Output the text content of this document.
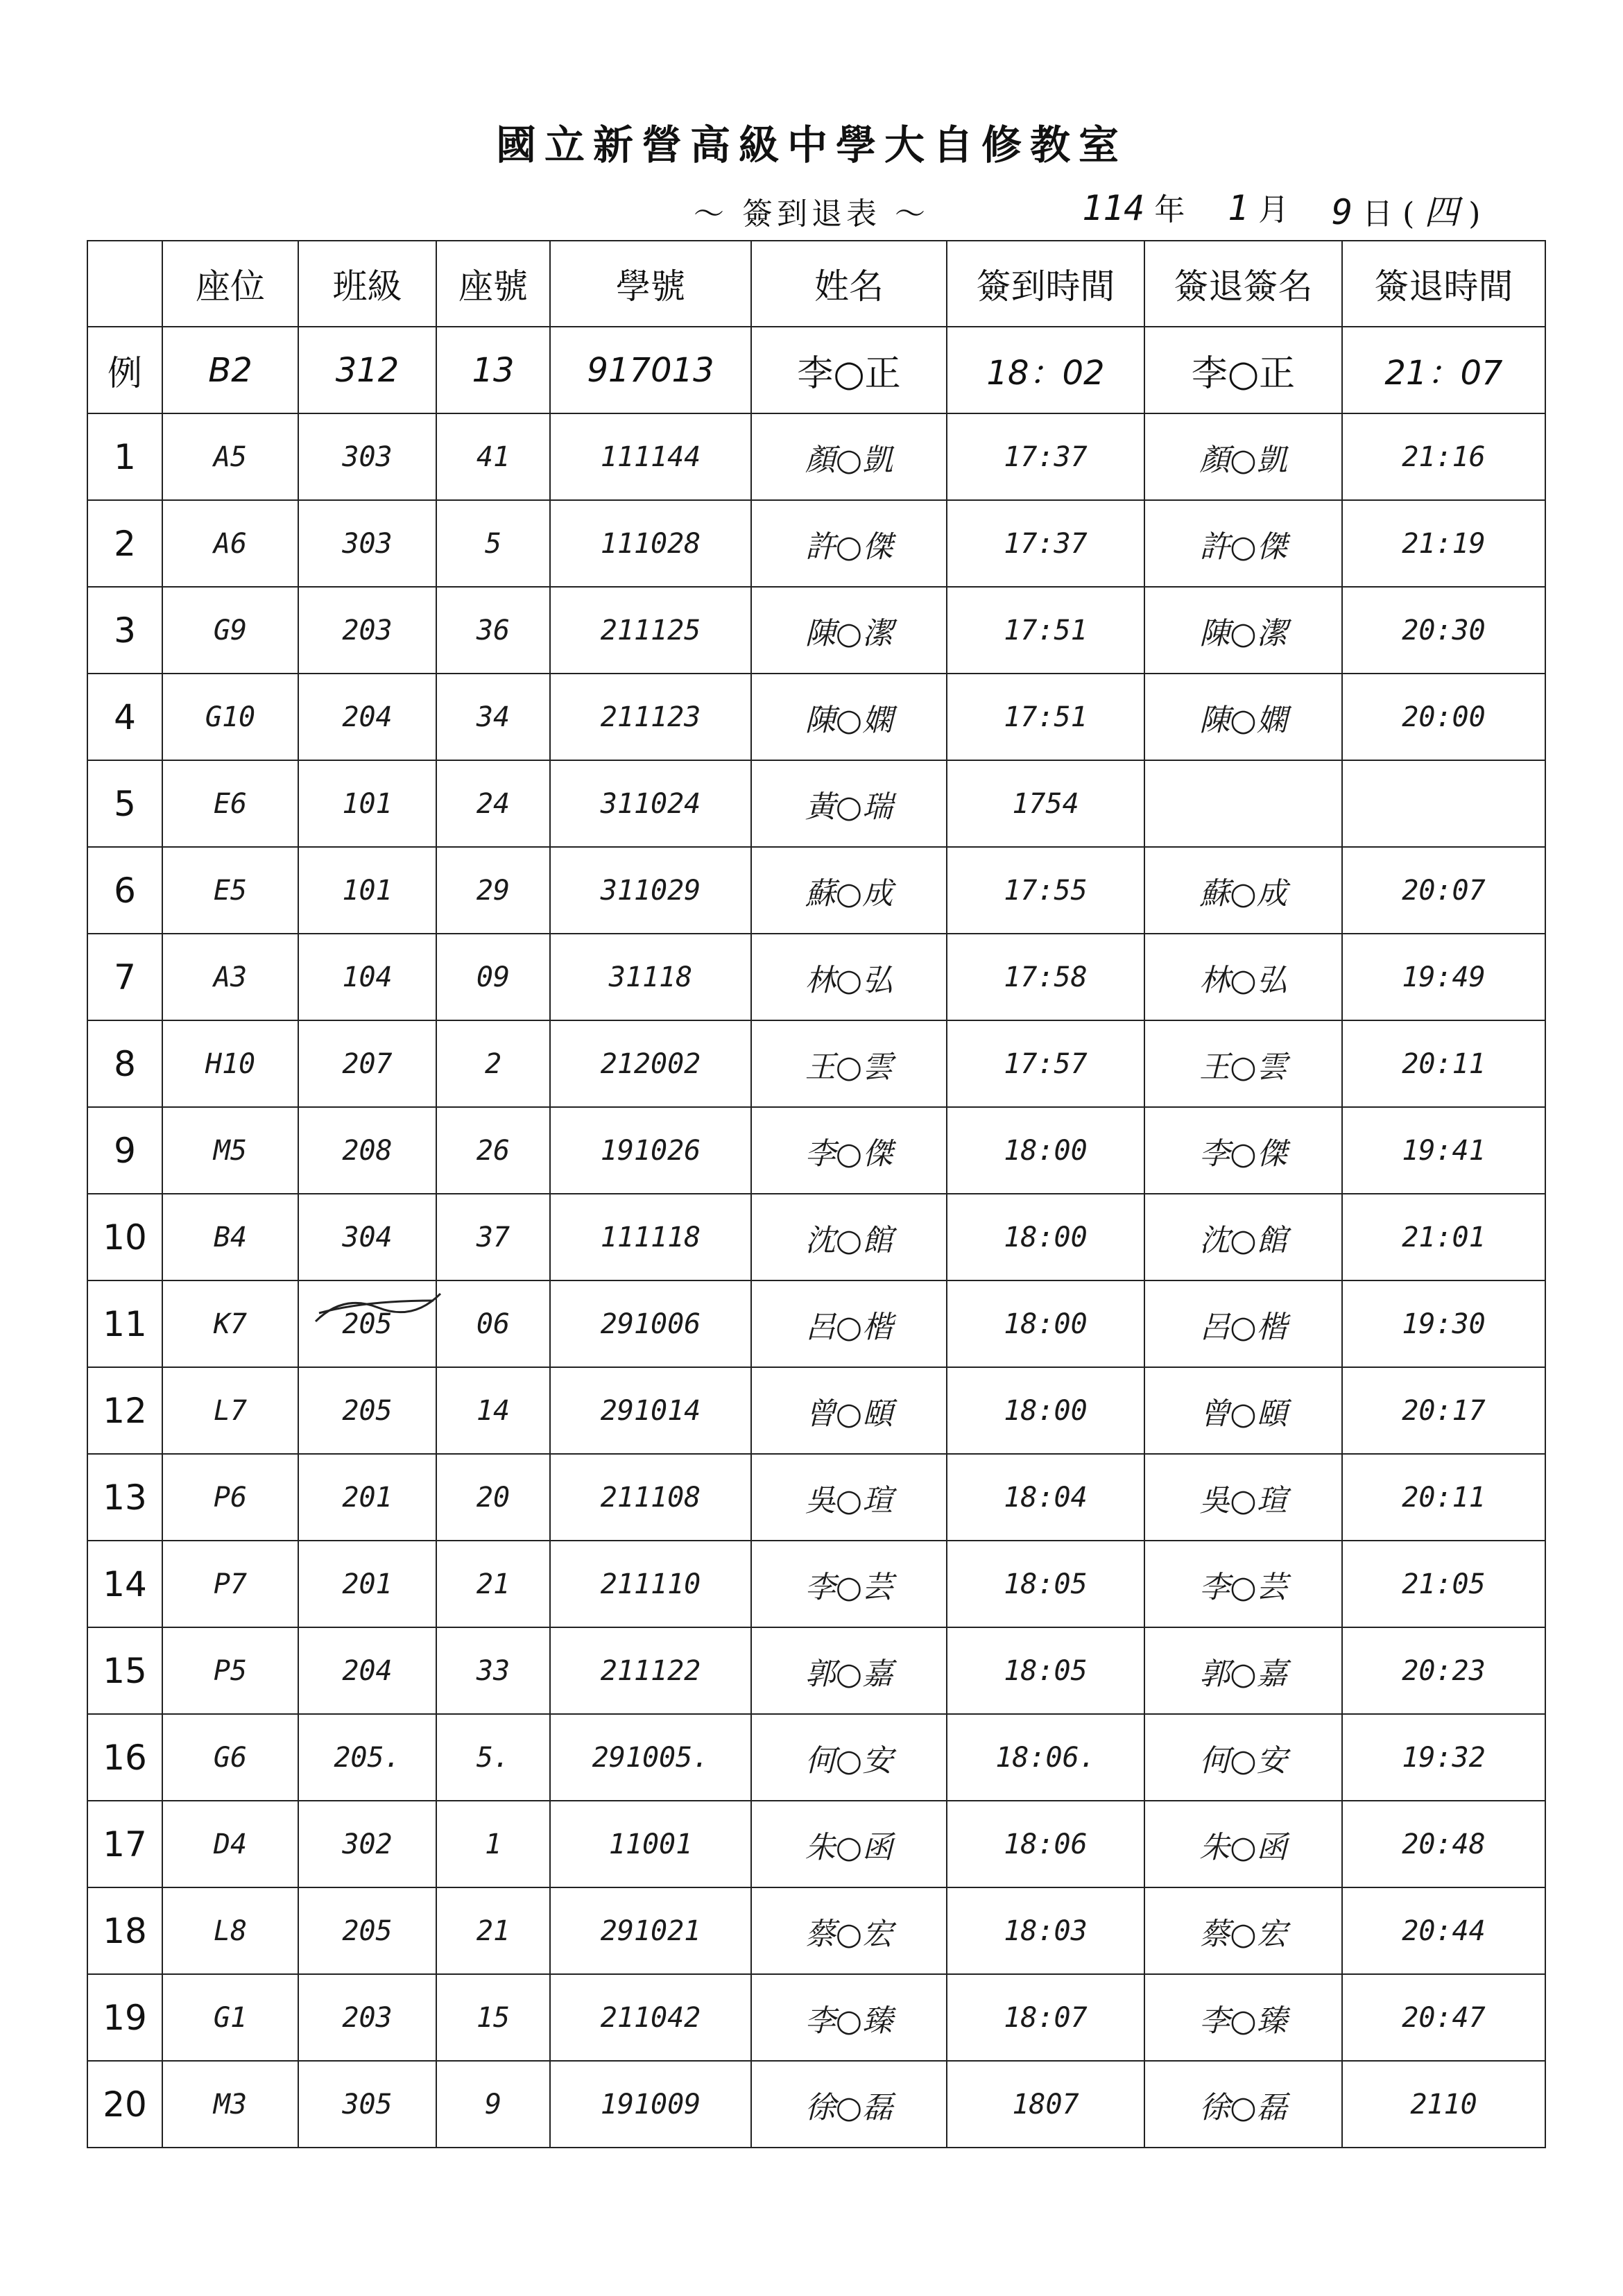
國立新營高級中學大自修教室
～ 簽到退表 ～	114 年 1 月 9 日 ( 四 )
	座位	班級	座號	學號	姓名	簽到時間	簽退簽名	簽退時間
例	B2	312	13	917013	李○正	18：02	李○正	21：07
1	A5	303	41	111144	顏○凱	17:37	顏○凱	21:16
2	A6	303	5	111028	許○傑	17:37	許○傑	21:19
3	G9	203	36	211125	陳○潔	17:51	陳○潔	20:30
4	G10	204	34	211123	陳○嫻	17:51	陳○嫻	20:00
5	E6	101	24	311024	黃○瑞	1754		
6	E5	101	29	311029	蘇○成	17:55	蘇○成	20:07
7	A3	104	09	31118	林○弘	17:58	林○弘	19:49
8	H10	207	2	212002	王○雲	17:57	王○雲	20:11
9	M5	208	26	191026	李○傑	18:00	李○傑	19:41
10	B4	304	37	111118	沈○館	18:00	沈○館	21:01
11	K7	205	06	291006	呂○楷	18:00	呂○楷	19:30
12	L7	205	14	291014	曾○頤	18:00	曾○頤	20:17
13	P6	201	20	211108	吳○瑄	18:04	吳○瑄	20:11
14	P7	201	21	211110	李○芸	18:05	李○芸	21:05
15	P5	204	33	211122	郭○嘉	18:05	郭○嘉	20:23
16	G6	205.	5.	291005.	何○安	18:06.	何○安	19:32
17	D4	302	1	11001	朱○函	18:06	朱○函	20:48
18	L8	205	21	291021	蔡○宏	18:03	蔡○宏	20:44
19	G1	203	15	211042	李○臻	18:07	李○臻	20:47
20	M3	305	9	191009	徐○磊	1807	徐○磊	2110
